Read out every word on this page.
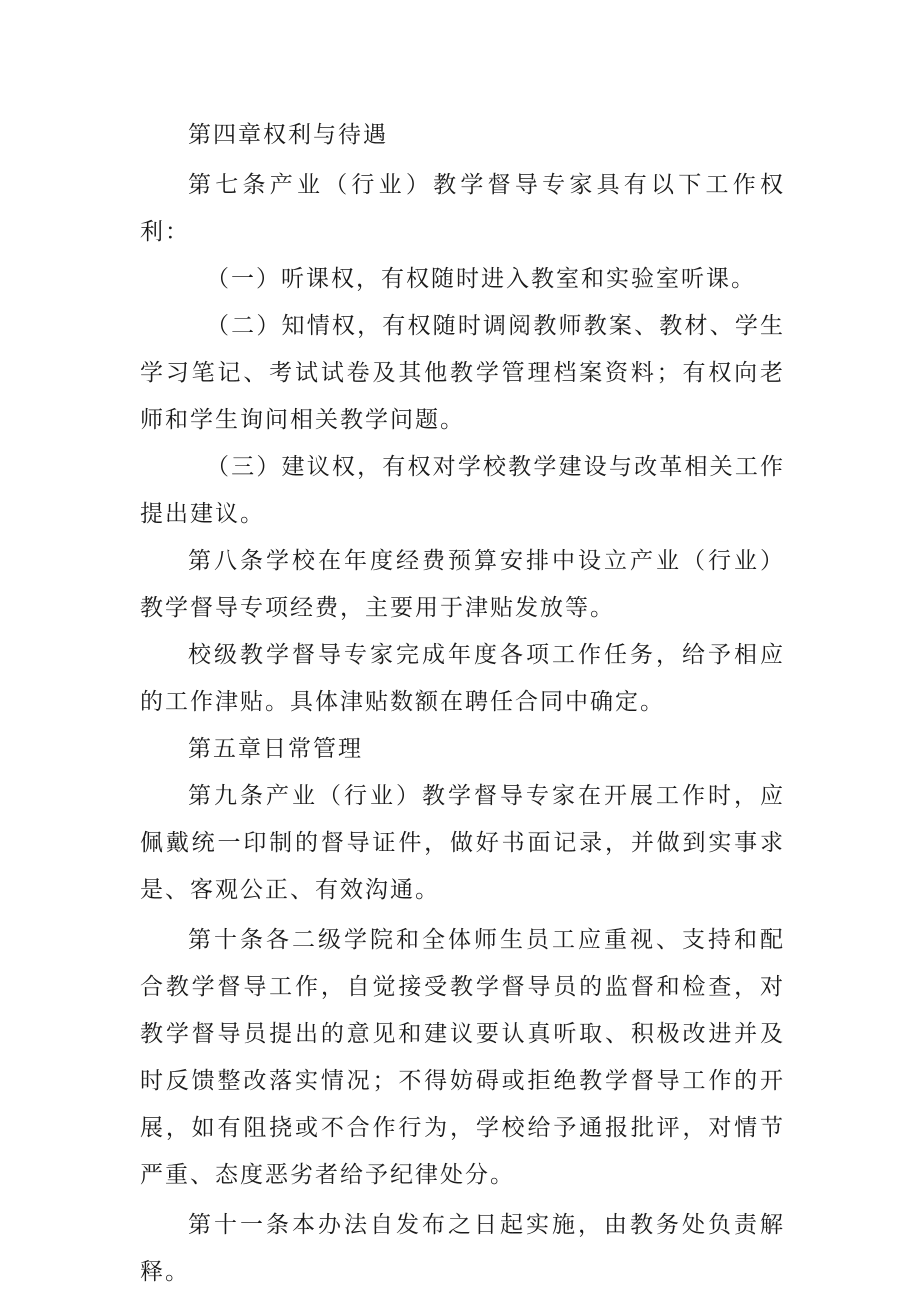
第四章权利与待遇

第七条产业（行业）教学督导专家具有以下工作权利：

（一）听课权，有权随时进入教室和实验室听课。

（二）知情权，有权随时调阅教师教案、教材、学生学习笔记、考试试卷及其他教学管理档案资料；有权向老师和学生询问相关教学问题。

（三）建议权，有权对学校教学建设与改革相关工作提出建议。

第八条学校在年度经费预算安排中设立产业（行业）教学督导专项经费，主要用于津贴发放等。

校级教学督导专家完成年度各项工作任务，给予相应的工作津贴。具体津贴数额在聘任合同中确定。

第五章日常管理

第九条产业（行业）教学督导专家在开展工作时，应佩戴统一印制的督导证件，做好书面记录，并做到实事求是、客观公正、有效沟通。

第十条各二级学院和全体师生员工应重视、支持和配合教学督导工作，自觉接受教学督导员的监督和检查，对教学督导员提出的意见和建议要认真听取、积极改进并及时反馈整改落实情况；不得妨碍或拒绝教学督导工作的开展，如有阻挠或不合作行为，学校给予通报批评，对情节严重、态度恶劣者给予纪律处分。

第十一条本办法自发布之日起实施，由教务处负责解释。
